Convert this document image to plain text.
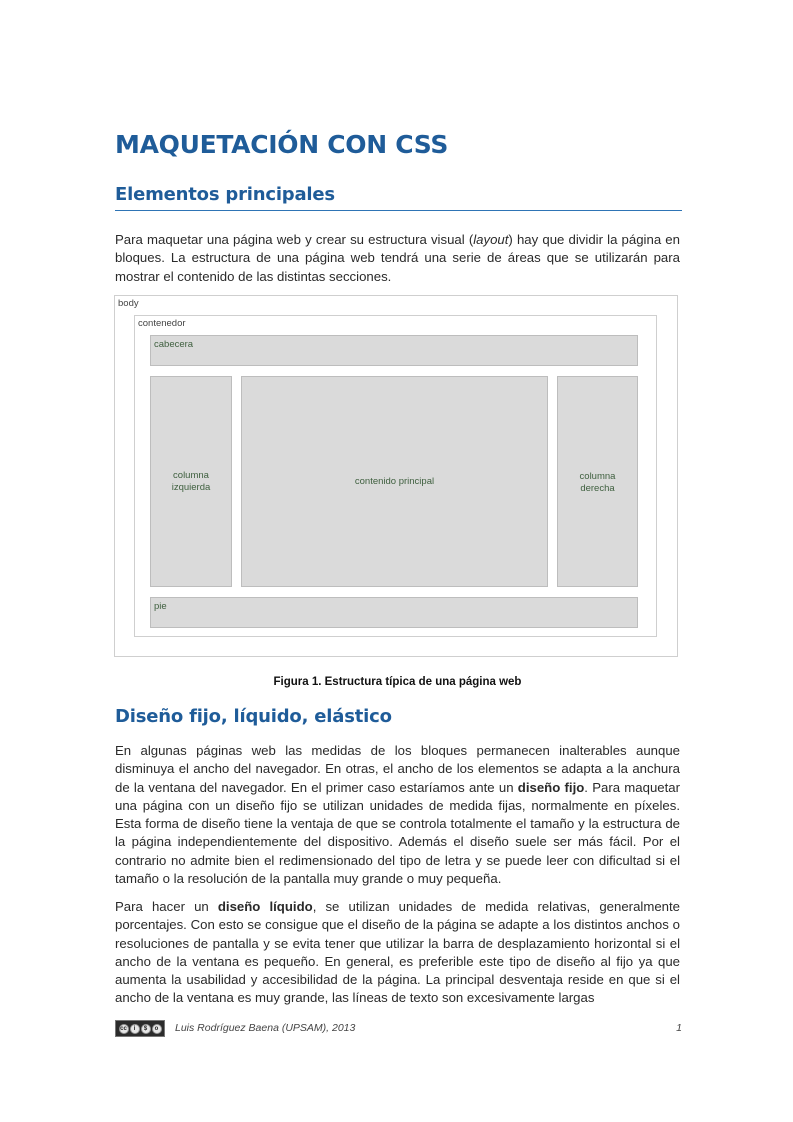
MAQUETACIÓN CON CSS
Elementos principales

Para maquetar una página web y crear su estructura visual (layout) hay que dividir la página en bloques. La estructura de una página web tendrá una serie de áreas que se utilizarán para mostrar el contenido de las distintas secciones.

body
contenedor
cabecera
columna
izquierda
contenido principal	columna
derecha
pie

Figura 1. Estructura típica de una página web

Diseño fijo, líquido, elástico

En algunas páginas web las medidas de los bloques permanecen inalterables aunque disminuya el ancho del navegador. En otras, el ancho de los elementos se adapta a la anchura de la ventana del navegador. En el primer caso estaríamos ante un diseño fijo. Para maquetar una página con un diseño fijo se utilizan unidades de medida fijas, normalmente en píxeles. Esta forma de diseño tiene la ventaja de que se controla totalmente el tamaño y la estructura de la página independientemente del dispositivo. Además el diseño suele ser más fácil. Por el contrario no admite bien el redimensionado del tipo de letra y se puede leer con dificultad si el tamaño o la resolución de la pantalla muy grande o muy pequeña.

Para hacer un diseño líquido, se utilizan unidades de medida relativas, generalmente porcentajes. Con esto se consigue que el diseño de la página se adapte a los distintos anchos o resoluciones de pantalla y se evita tener que utilizar la barra de desplazamiento horizontal si el ancho de la ventana es pequeño. En general, es preferible este tipo de diseño al fijo ya que aumenta la usabilidad y accesibilidad de la página. La principal desventaja reside en que si el ancho de la ventana es muy grande, las líneas de texto son excesivamente largas

cc	i	$	o	Luis Rodríguez Baena (UPSAM), 2013	1
